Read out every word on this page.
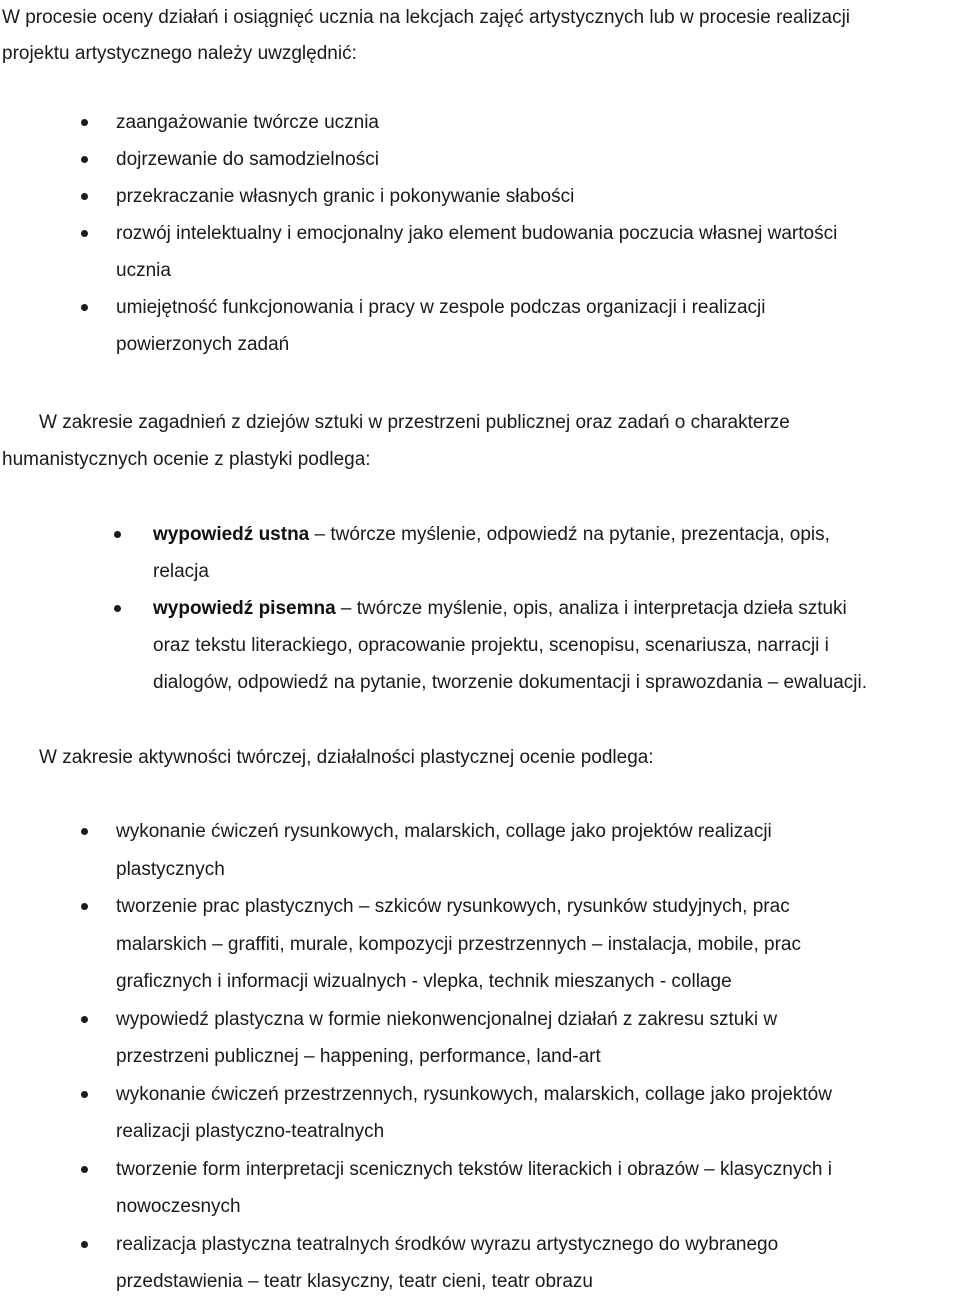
W procesie oceny działań i osiągnięć ucznia na lekcjach zajęć artystycznych lub w procesie realizacji
projektu artystycznego należy uwzględnić:

zaangażowanie twórcze ucznia
dojrzewanie do samodzielności
przekraczanie własnych granic i pokonywanie słabości
rozwój intelektualny i emocjonalny jako element budowania poczucia własnej wartości
ucznia
umiejętność funkcjonowania i pracy w zespole podczas organizacji i realizacji
powierzonych zadań

W zakresie zagadnień z dziejów sztuki w przestrzeni publicznej oraz zadań o charakterze
humanistycznych ocenie z plastyki podlega:

wypowiedź ustna – twórcze myślenie, odpowiedź na pytanie, prezentacja, opis,
relacja
wypowiedź pisemna – twórcze myślenie, opis, analiza i interpretacja dzieła sztuki
oraz tekstu literackiego, opracowanie projektu, scenopisu, scenariusza, narracji i
dialogów, odpowiedź na pytanie, tworzenie dokumentacji i sprawozdania – ewaluacji.

W zakresie aktywności twórczej, działalności plastycznej ocenie podlega:

wykonanie ćwiczeń rysunkowych, malarskich, collage jako projektów realizacji
plastycznych
tworzenie prac plastycznych – szkiców rysunkowych, rysunków studyjnych, prac
malarskich – graffiti, murale, kompozycji przestrzennych – instalacja, mobile, prac
graficznych i informacji wizualnych - vlepka, technik mieszanych - collage
wypowiedź plastyczna w formie niekonwencjonalnej działań z zakresu sztuki w
przestrzeni publicznej – happening, performance, land-art
wykonanie ćwiczeń przestrzennych, rysunkowych, malarskich, collage jako projektów
realizacji plastyczno-teatralnych
tworzenie form interpretacji scenicznych tekstów literackich i obrazów – klasycznych i
nowoczesnych
realizacja plastyczna teatralnych środków wyrazu artystycznego do wybranego
przedstawienia – teatr klasyczny, teatr cieni, teatr obrazu
